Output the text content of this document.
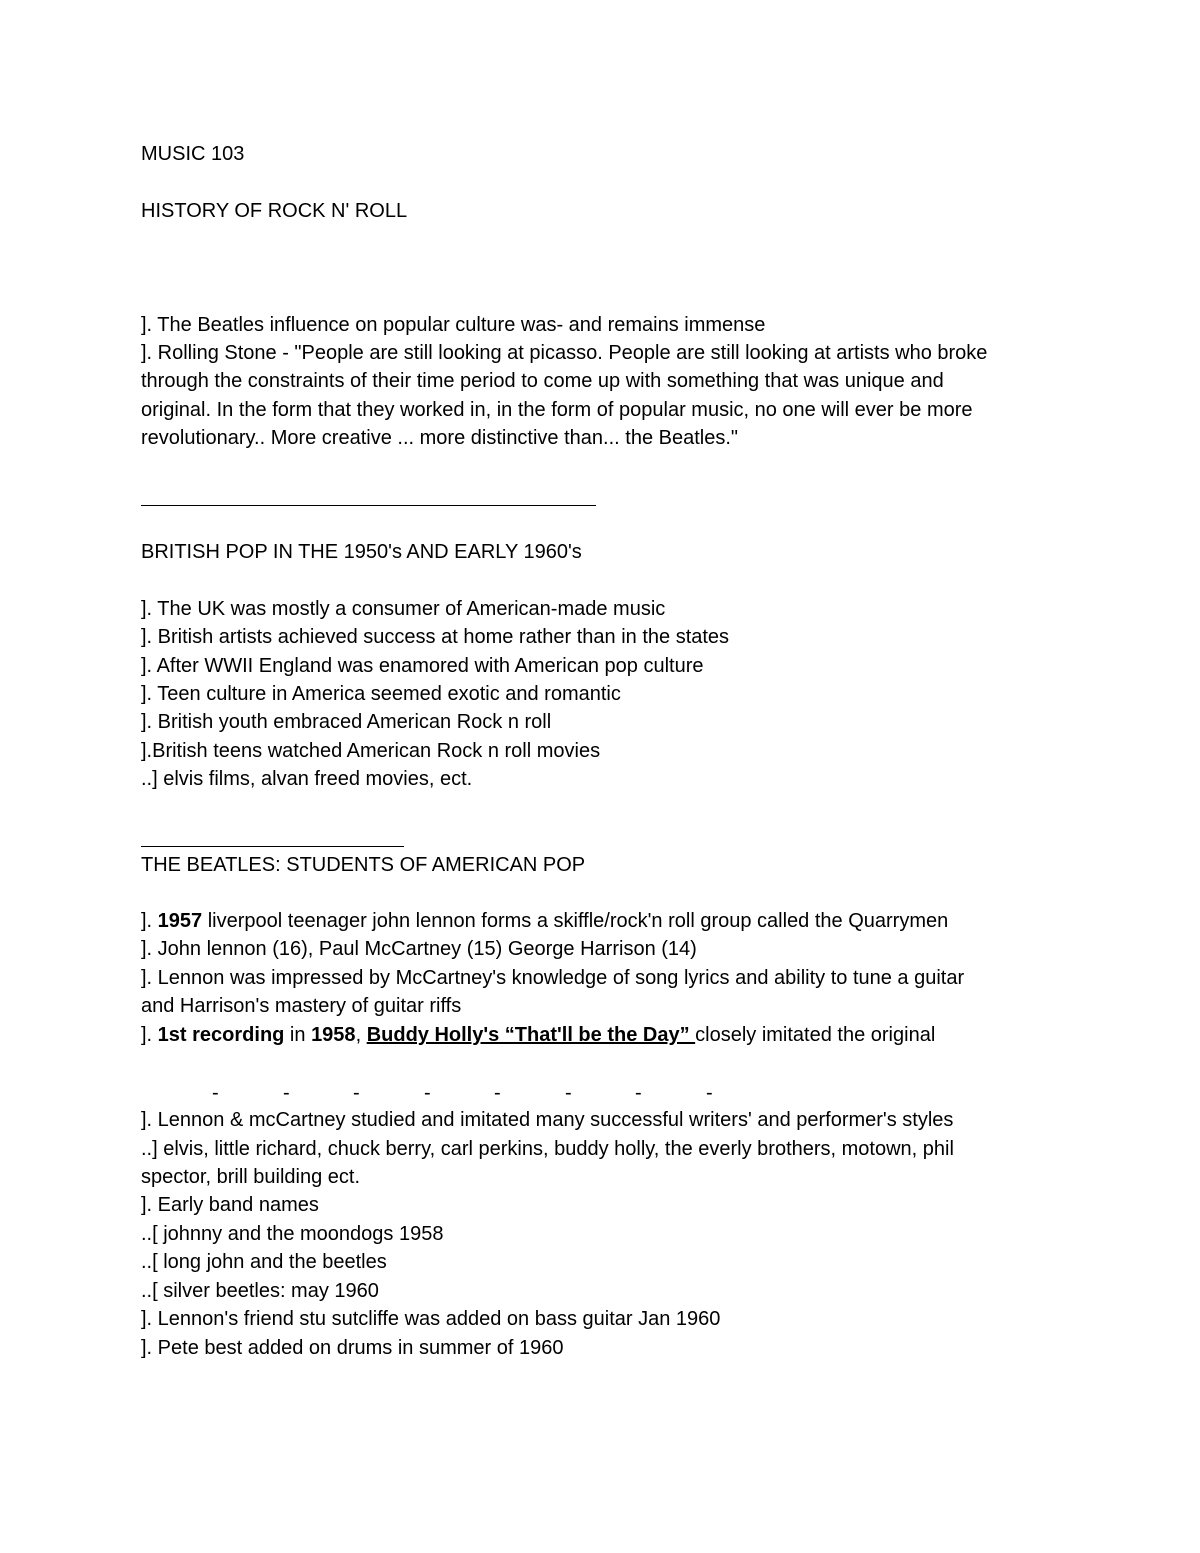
MUSIC 103

HISTORY OF ROCK N' ROLL

]. The Beatles influence on popular culture was- and remains immense

]. Rolling Stone - "People are still looking at picasso. People are still looking at artists who broke

through the constraints of their time period to come up with something that was unique and

original. In the form that they worked in, in the form of popular music, no one will ever be more

revolutionary.. More creative ... more distinctive than... the Beatles."

BRITISH POP IN THE 1950's AND EARLY 1960's

]. The UK was mostly a consumer of American-made music

]. British artists achieved success at home rather than in the states

]. After WWII England was enamored with American pop culture

]. Teen culture in America seemed exotic and romantic

]. British youth embraced American Rock n roll

].British teens watched American Rock n roll movies

..] elvis films, alvan freed movies, ect.

THE BEATLES: STUDENTS OF AMERICAN POP

]. 1957 liverpool teenager john lennon forms a skiffle/rock'n roll group called the Quarrymen

]. John lennon (16), Paul McCartney (15) George Harrison (14)

]. Lennon was impressed by McCartney's knowledge of song lyrics and ability to tune a guitar

and Harrison's mastery of guitar riffs

]. 1st recording in 1958, Buddy Holly's “That'll be the Day” closely imitated the original

-	-	-	-	-	-	-	-

]. Lennon & mcCartney studied and imitated many successful writers' and performer's styles

..] elvis, little richard, chuck berry, carl perkins, buddy holly, the everly brothers, motown, phil

spector, brill building ect.

]. Early band names

..[ johnny and the moondogs 1958

..[ long john and the beetles

..[ silver beetles: may 1960

]. Lennon's friend stu sutcliffe was added on bass guitar Jan 1960

]. Pete best added on drums in summer of 1960
